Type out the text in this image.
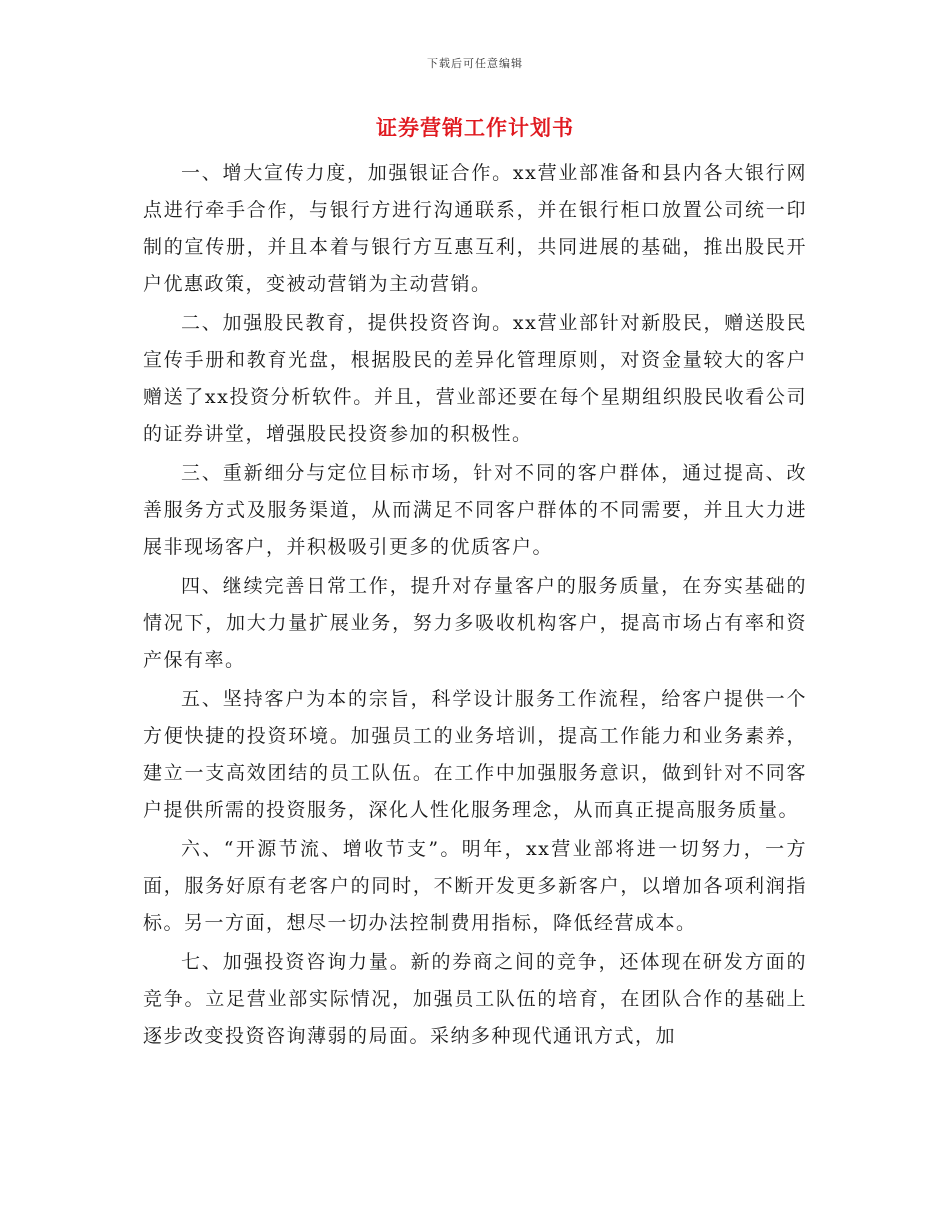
下载后可任意编辑
证券营销工作计划书

一、增大宣传力度，加强银证合作。xx营业部准备和县内各大银行网点进行牵手合作，与银行方进行沟通联系，并在银行柜口放置公司统一印制的宣传册，并且本着与银行方互惠互利，共同进展的基础，推出股民开户优惠政策，变被动营销为主动营销。

二、加强股民教育，提供投资咨询。xx营业部针对新股民，赠送股民宣传手册和教育光盘，根据股民的差异化管理原则，对资金量较大的客户赠送了xx投资分析软件。并且，营业部还要在每个星期组织股民收看公司的证券讲堂，增强股民投资参加的积极性。

三、重新细分与定位目标市场，针对不同的客户群体，通过提高、改善服务方式及服务渠道，从而满足不同客户群体的不同需要，并且大力进展非现场客户，并积极吸引更多的优质客户。

四、继续完善日常工作，提升对存量客户的服务质量，在夯实基础的情况下，加大力量扩展业务，努力多吸收机构客户，提高市场占有率和资产保有率。

五、坚持客户为本的宗旨，科学设计服务工作流程，给客户提供一个方便快捷的投资环境。加强员工的业务培训，提高工作能力和业务素养，建立一支高效团结的员工队伍。在工作中加强服务意识，做到针对不同客户提供所需的投资服务，深化人性化服务理念，从而真正提高服务质量。

六、“开源节流、增收节支”。明年，xx营业部将进一切努力，一方面，服务好原有老客户的同时，不断开发更多新客户，以增加各项利润指标。另一方面，想尽一切办法控制费用指标，降低经营成本。

七、加强投资咨询力量。新的券商之间的竞争，还体现在研发方面的竞争。立足营业部实际情况，加强员工队伍的培育，在团队合作的基础上逐步改变投资咨询薄弱的局面。采纳多种现代通讯方式，加
